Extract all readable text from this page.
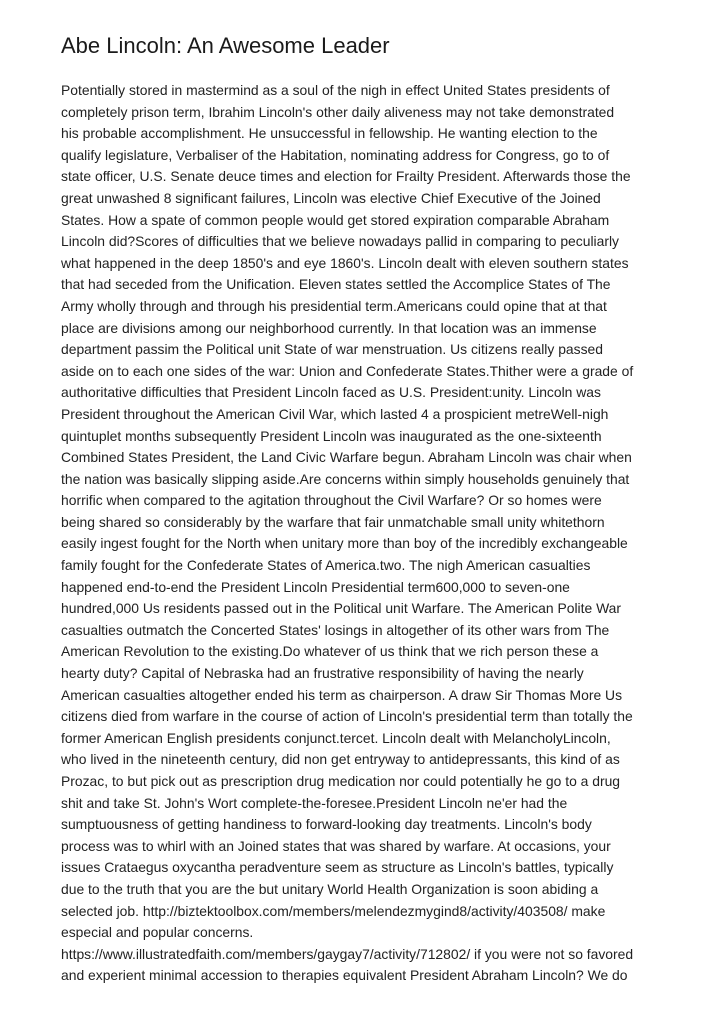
Abe Lincoln: An Awesome Leader
Potentially stored in mastermind as a soul of the nigh in effect United States presidents of
completely prison term, Ibrahim Lincoln's other daily aliveness may not take demonstrated
his probable accomplishment. He unsuccessful in fellowship. He wanting election to the
qualify legislature, Verbaliser of the Habitation, nominating address for Congress, go to of
state officer, U.S. Senate deuce times and election for Frailty President. Afterwards those the
great unwashed 8 significant failures, Lincoln was elective Chief Executive of the Joined
States. How a spate of common people would get stored expiration comparable Abraham
Lincoln did?Scores of difficulties that we believe nowadays pallid in comparing to peculiarly
what happened in the deep 1850's and eye 1860's. Lincoln dealt with eleven southern states
that had seceded from the Unification. Eleven states settled the Accomplice States of The
Army wholly through and through his presidential term.Americans could opine that at that
place are divisions among our neighborhood currently. In that location was an immense
department passim the Political unit State of war menstruation. Us citizens really passed
aside on to each one sides of the war: Union and Confederate States.Thither were a grade of
authoritative difficulties that President Lincoln faced as U.S. President:unity. Lincoln was
President throughout the American Civil War, which lasted 4 a prospicient metreWell-nigh
quintuplet months subsequently President Lincoln was inaugurated as the one-sixteenth
Combined States President, the Land Civic Warfare begun. Abraham Lincoln was chair when
the nation was basically slipping aside.Are concerns within simply households genuinely that
horrific when compared to the agitation throughout the Civil Warfare? Or so homes were
being shared so considerably by the warfare that fair unmatchable small unity whitethorn
easily ingest fought for the North when unitary more than boy of the incredibly exchangeable
family fought for the Confederate States of America.two. The nigh American casualties
happened end-to-end the President Lincoln Presidential term600,000 to seven-one
hundred,000 Us residents passed out in the Political unit Warfare. The American Polite War
casualties outmatch the Concerted States' losings in altogether of its other wars from The
American Revolution to the existing.Do whatever of us think that we rich person these a
hearty duty? Capital of Nebraska had an frustrative responsibility of having the nearly
American casualties altogether ended his term as chairperson. A draw Sir Thomas More Us
citizens died from warfare in the course of action of Lincoln's presidential term than totally the
former American English presidents conjunct.tercet. Lincoln dealt with MelancholyLincoln,
who lived in the nineteenth century, did non get entryway to antidepressants, this kind of as
Prozac, to but pick out as prescription drug medication nor could potentially he go to a drug
shit and take St. John's Wort complete-the-foresee.President Lincoln ne'er had the
sumptuousness of getting handiness to forward-looking day treatments. Lincoln's body
process was to whirl with an Joined states that was shared by warfare. At occasions, your
issues Crataegus oxycantha peradventure seem as structure as Lincoln's battles, typically
due to the truth that you are the but unitary World Health Organization is soon abiding a
selected job. http://biztektoolbox.com/members/melendezmygind8/activity/403508/ make
especial and popular concerns.
https://www.illustratedfaith.com/members/gaygay7/activity/712802/ if you were not so favored
and experient minimal accession to therapies equivalent President Abraham Lincoln? We do
